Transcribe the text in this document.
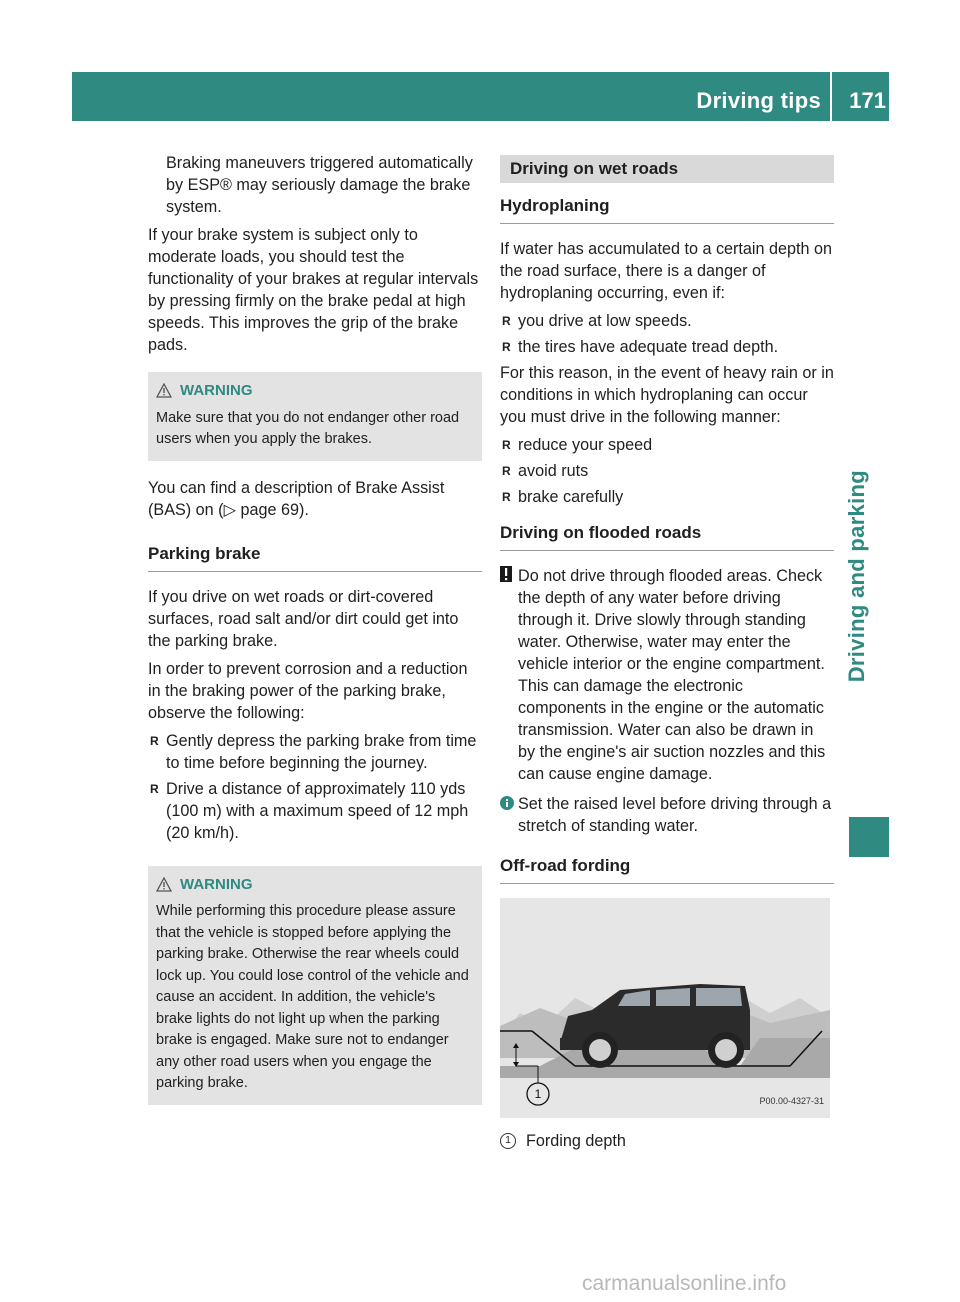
Driving tips 171
Driving and parking

Braking maneuvers triggered automatically by ESP® may seriously damage the brake system.

If your brake system is subject only to moderate loads, you should test the functionality of your brakes at regular intervals by pressing firmly on the brake pedal at high speeds. This improves the grip of the brake pads.

WARNING
Make sure that you do not endanger other road users when you apply the brakes.

You can find a description of Brake Assist (BAS) on (▷ page 69).

Parking brake

If you drive on wet roads or dirt-covered surfaces, road salt and/or dirt could get into the parking brake.

In order to prevent corrosion and a reduction in the braking power of the parking brake, observe the following:

R Gently depress the parking brake from time to time before beginning the journey.
R Drive a distance of approximately 110 yds (100 m) with a maximum speed of 12 mph (20 km/h).
WARNING
While performing this procedure please assure that the vehicle is stopped before applying the parking brake. Otherwise the rear wheels could lock up. You could lose control of the vehicle and cause an accident. In addition, the vehicle's brake lights do not light up when the parking brake is engaged. Make sure not to endanger any other road users when you engage the parking brake.
Driving on wet roads
Hydroplaning

If water has accumulated to a certain depth on the road surface, there is a danger of hydroplaning occurring, even if:

R you drive at low speeds.
R the tires have adequate tread depth.

For this reason, in the event of heavy rain or in conditions in which hydroplaning can occur you must drive in the following manner:

R reduce your speed
R avoid ruts
R brake carefully
Driving on flooded roads
Do not drive through flooded areas. Check the depth of any water before driving through it. Drive slowly through standing water. Otherwise, water may enter the vehicle interior or the engine compartment. This can damage the electronic components in the engine or the automatic transmission. Water can also be drawn in by the engine's air suction nozzles and this can cause engine damage.
Set the raised level before driving through a stretch of standing water.
Off-road fording
1	P00.00-4327-31
1 Fording depth
carmanualsonline.info
